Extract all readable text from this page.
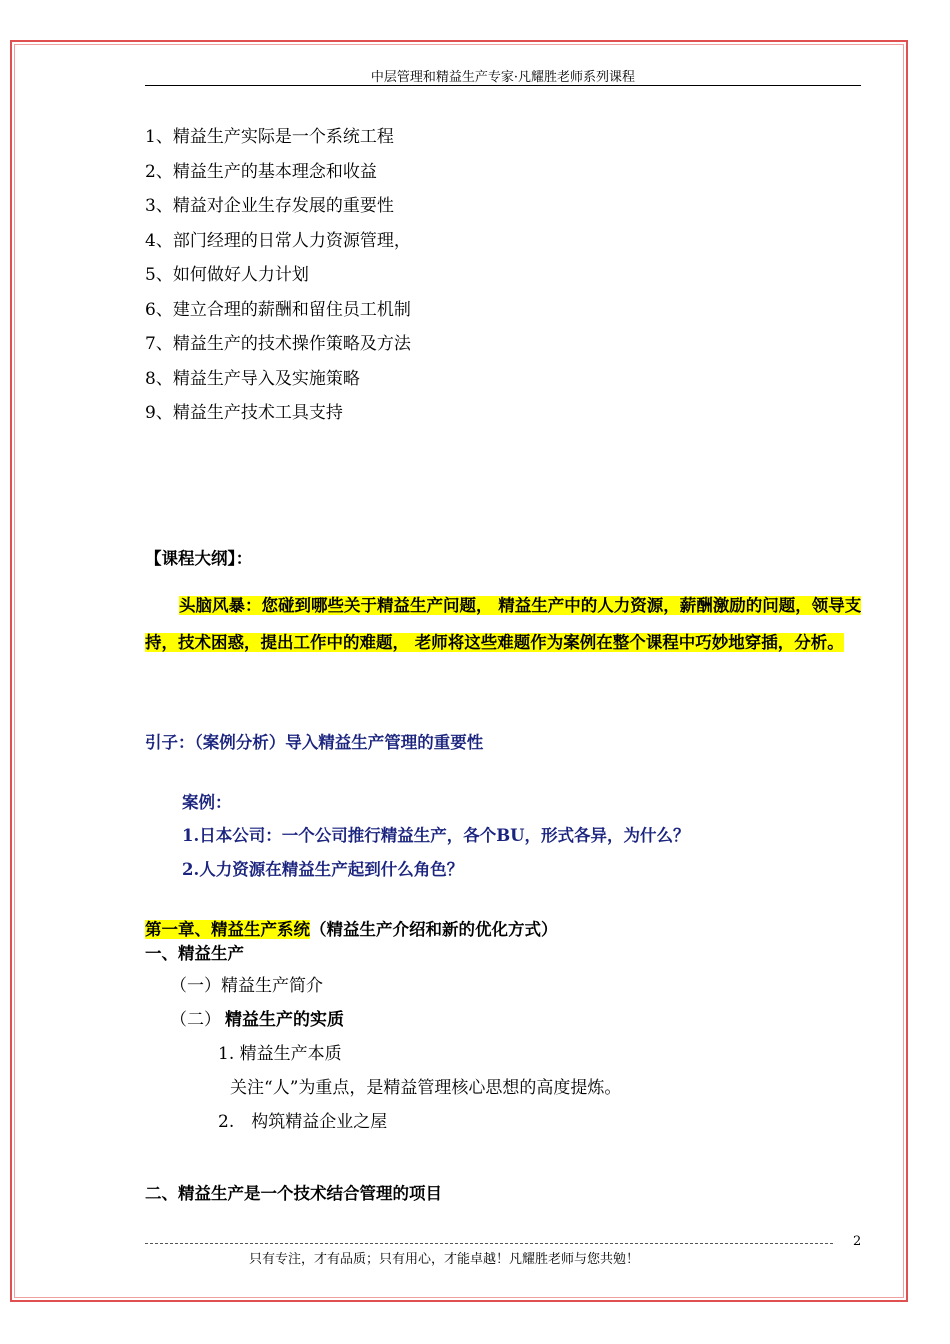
中层管理和精益生产专家·凡耀胜老师系列课程
1、精益生产实际是一个系统工程
2、精益生产的基本理念和收益
3、精益对企业生存发展的重要性
4、部门经理的日常人力资源管理，
5、如何做好人力计划
6、建立合理的薪酬和留住员工机制
7、精益生产的技术操作策略及方法
8、精益生产导入及实施策略
9、精益生产技术工具支持
【课程大纲】：
头脑风暴：您碰到哪些关于精益生产问题， 精益生产中的人力资源，薪酬激励的问题，领导支持，技术困惑，提出工作中的难题， 老师将这些难题作为案例在整个课程中巧妙地穿插，分析。
引子：（案例分析）导入精益生产管理的重要性
案例：
1.日本公司：一个公司推行精益生产，各个BU，形式各异，为什么？
2.人力资源在精益生产起到什么角色？
第一章、精益生产系统（精益生产介绍和新的优化方式）
一、精益生产
（一）精益生产简介
（二） 精益生产的实质
1. 精益生产本质
关注“人”为重点，是精益管理核心思想的高度提炼。
2.　构筑精益企业之屋
二、精益生产是一个技术结合管理的项目
2
只有专注，才有品质；只有用心，才能卓越！凡耀胜老师与您共勉！
